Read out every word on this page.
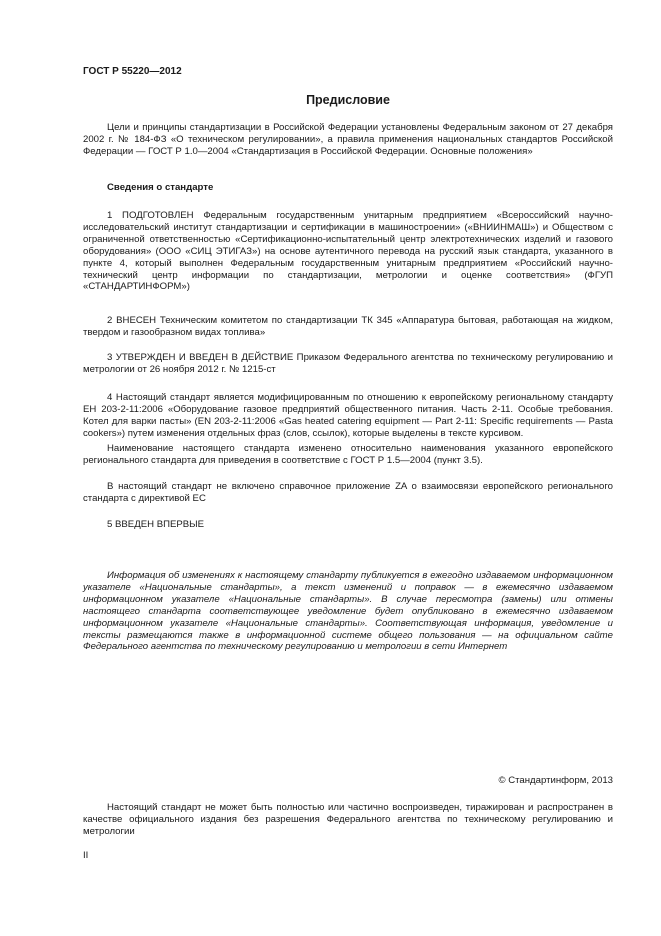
ГОСТ Р 55220—2012
Предисловие

Цели и принципы стандартизации в Российской Федерации установлены Федеральным законом от 27 декабря 2002 г. № 184-ФЗ «О техническом регулировании», а правила применения национальных стандартов Российской Федерации — ГОСТ Р 1.0—2004 «Стандартизация в Российской Федерации. Основные положения»

Сведения о стандарте

1 ПОДГОТОВЛЕН Федеральным государственным унитарным предприятием «Всероссийский научно-исследовательский институт стандартизации и сертификации в машиностроении» («ВНИИНМАШ») и Обществом с ограниченной ответственностью «Сертификационно-испытательный центр электротехнических изделий и газового оборудования» (ООО «СИЦ ЭТИГАЗ») на основе аутентичного перевода на русский язык стандарта, указанного в пункте 4, который выполнен Федеральным государственным унитарным предприятием «Российский научно-технический центр информации по стандартизации, метрологии и оценке соответствия» (ФГУП «СТАНДАРТИНФОРМ»)

2 ВНЕСЕН Техническим комитетом по стандартизации ТК 345 «Аппаратура бытовая, работающая на жидком, твердом и газообразном видах топлива»

3 УТВЕРЖДЕН И ВВЕДЕН В ДЕЙСТВИЕ Приказом Федерального агентства по техническому регулированию и метрологии от 26 ноября 2012 г. № 1215-ст

4 Настоящий стандарт является модифицированным по отношению к европейскому региональному стандарту ЕН 203-2-11:2006 «Оборудование газовое предприятий общественного питания. Часть 2-11. Особые требования. Котел для варки пасты» (EN 203-2-11:2006 «Gas heated catering equipment — Part 2-11: Specific requirements — Pasta cookers») путем изменения отдельных фраз (слов, ссылок), которые выделены в тексте курсивом.

Наименование настоящего стандарта изменено относительно наименования указанного европейского регионального стандарта для приведения в соответствие с ГОСТ Р 1.5—2004 (пункт 3.5).

В настоящий стандарт не включено справочное приложение ZA о взаимосвязи европейского регионального стандарта с директивой ЕС

5 ВВЕДЕН ВПЕРВЫЕ

Информация об изменениях к настоящему стандарту публикуется в ежегодно издаваемом информационном указателе «Национальные стандарты», а текст изменений и поправок — в ежемесячно издаваемом информационном указателе «Национальные стандарты». В случае пересмотра (замены) или отмены настоящего стандарта соответствующее уведомление будет опубликовано в ежемесячно издаваемом информационном указателе «Национальные стандарты». Соответствующая информация, уведомление и тексты размещаются также в информационной системе общего пользования — на официальном сайте Федерального агентства по техническому регулированию и метрологии в сети Интернет

© Стандартинформ, 2013

Настоящий стандарт не может быть полностью или частично воспроизведен, тиражирован и распространен в качестве официального издания без разрешения Федерального агентства по техническому регулированию и метрологии

II
